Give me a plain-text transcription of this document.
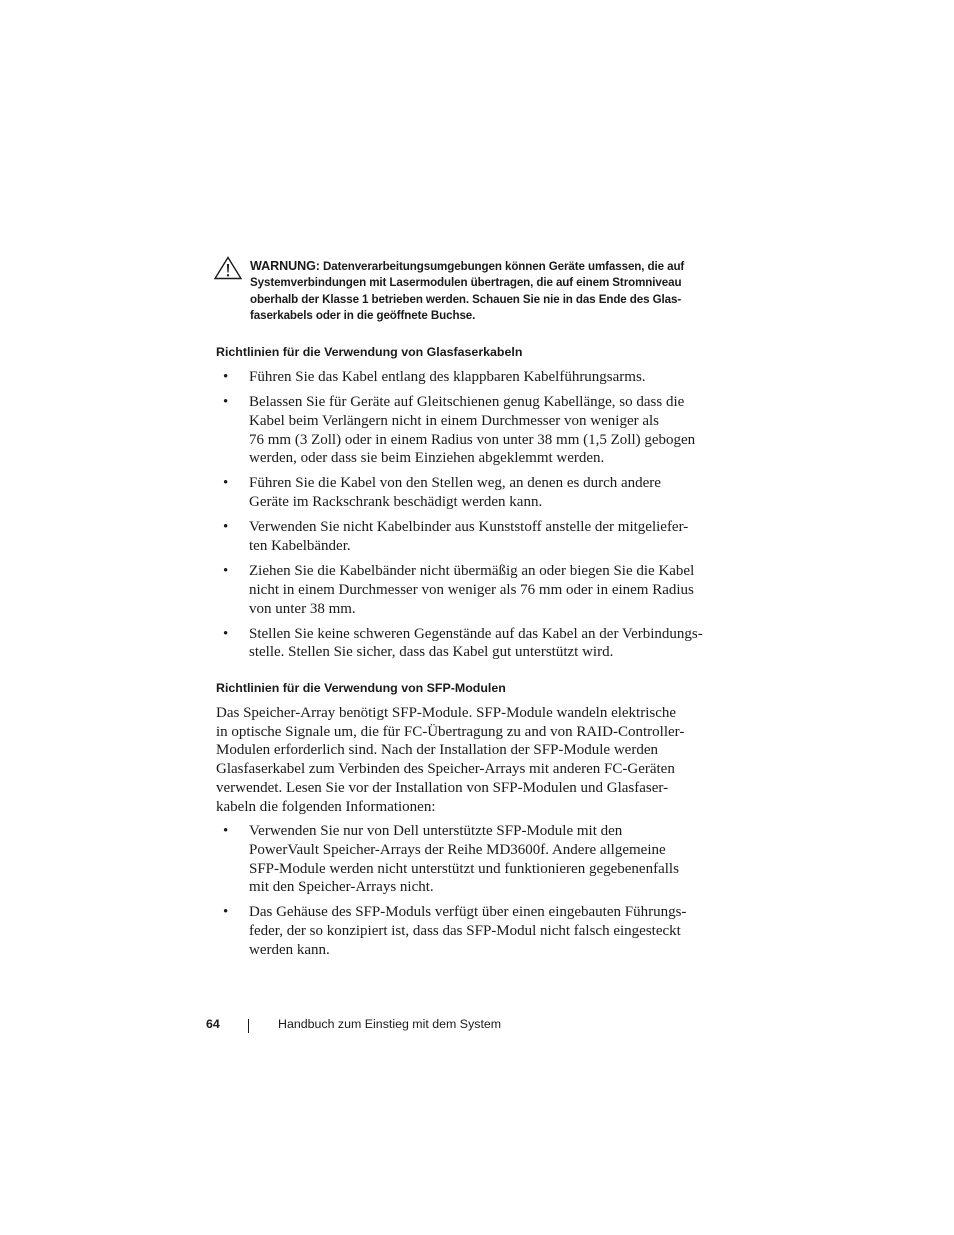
WARNUNG: Datenverarbeitungsumgebungen können Geräte umfassen, die auf
Systemverbindungen mit Lasermodulen übertragen, die auf einem Stromniveau
oberhalb der Klasse 1 betrieben werden. Schauen Sie nie in das Ende des Glas-
faserkabels oder in die geöffnete Buchse.
Richtlinien für die Verwendung von Glasfaserkabeln
• Führen Sie das Kabel entlang des klappbaren Kabelführungsarms.
• Belassen Sie für Geräte auf Gleitschienen genug Kabellänge, so dass die
Kabel beim Verlängern nicht in einem Durchmesser von weniger als
76 mm (3 Zoll) oder in einem Radius von unter 38 mm (1,5 Zoll) gebogen
werden, oder dass sie beim Einziehen abgeklemmt werden.
• Führen Sie die Kabel von den Stellen weg, an denen es durch andere
Geräte im Rackschrank beschädigt werden kann.
• Verwenden Sie nicht Kabelbinder aus Kunststoff anstelle der mitgeliefer-
ten Kabelbänder.
• Ziehen Sie die Kabelbänder nicht übermäßig an oder biegen Sie die Kabel
nicht in einem Durchmesser von weniger als 76 mm oder in einem Radius
von unter 38 mm.
• Stellen Sie keine schweren Gegenstände auf das Kabel an der Verbindungs-
stelle. Stellen Sie sicher, dass das Kabel gut unterstützt wird.
Richtlinien für die Verwendung von SFP-Modulen
Das Speicher-Array benötigt SFP-Module. SFP-Module wandeln elektrische
in optische Signale um, die für FC-Übertragung zu and von RAID-Controller-
Modulen erforderlich sind. Nach der Installation der SFP-Module werden
Glasfaserkabel zum Verbinden des Speicher-Arrays mit anderen FC-Geräten
verwendet. Lesen Sie vor der Installation von SFP-Modulen und Glasfaser-
kabeln die folgenden Informationen:
• Verwenden Sie nur von Dell unterstützte SFP-Module mit den
PowerVault Speicher-Arrays der Reihe MD3600f. Andere allgemeine
SFP-Module werden nicht unterstützt und funktionieren gegebenenfalls
mit den Speicher-Arrays nicht.
• Das Gehäuse des SFP-Moduls verfügt über einen eingebauten Führungs-
feder, der so konzipiert ist, dass das SFP-Modul nicht falsch eingesteckt
werden kann.
64	Handbuch zum Einstieg mit dem System
